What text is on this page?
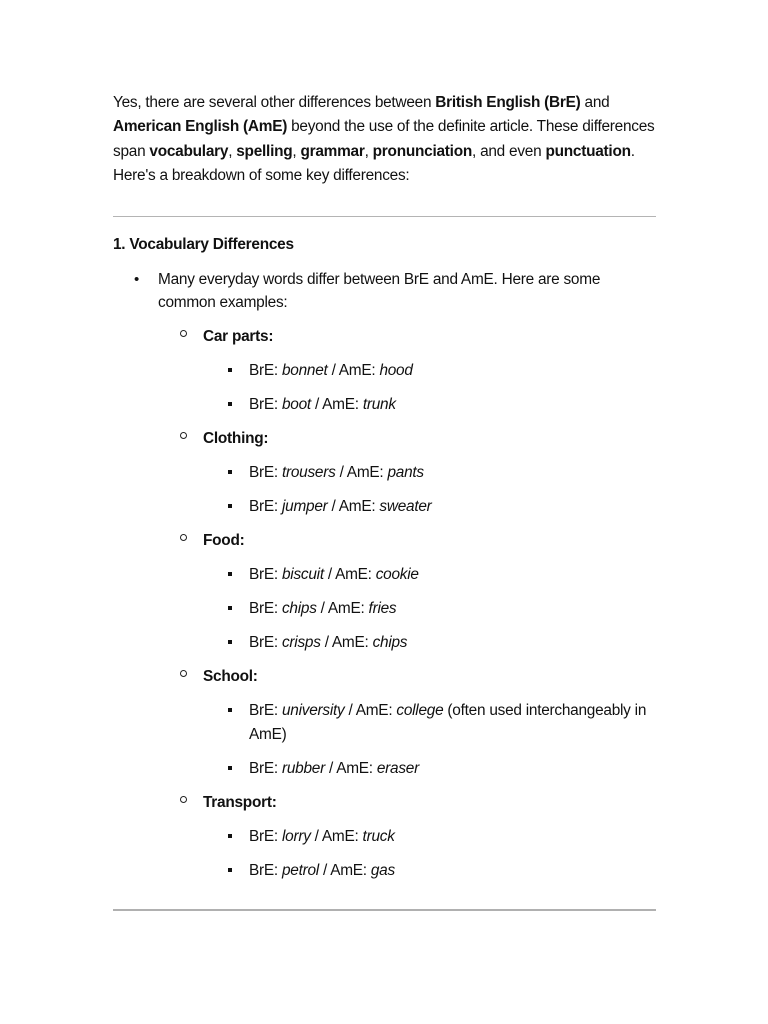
Yes, there are several other differences between British English (BrE) and American English (AmE) beyond the use of the definite article. These differences span vocabulary, spelling, grammar, pronunciation, and even punctuation. Here's a breakdown of some key differences:

1. Vocabulary Differences
• Many everyday words differ between BrE and AmE. Here are some common examples:
Car parts:
BrE: bonnet / AmE: hood
BrE: boot / AmE: trunk
Clothing:
BrE: trousers / AmE: pants
BrE: jumper / AmE: sweater
Food:
BrE: biscuit / AmE: cookie
BrE: chips / AmE: fries
BrE: crisps / AmE: chips
School:
BrE: university / AmE: college (often used interchangeably in AmE)
BrE: rubber / AmE: eraser
Transport:
BrE: lorry / AmE: truck
BrE: petrol / AmE: gas
